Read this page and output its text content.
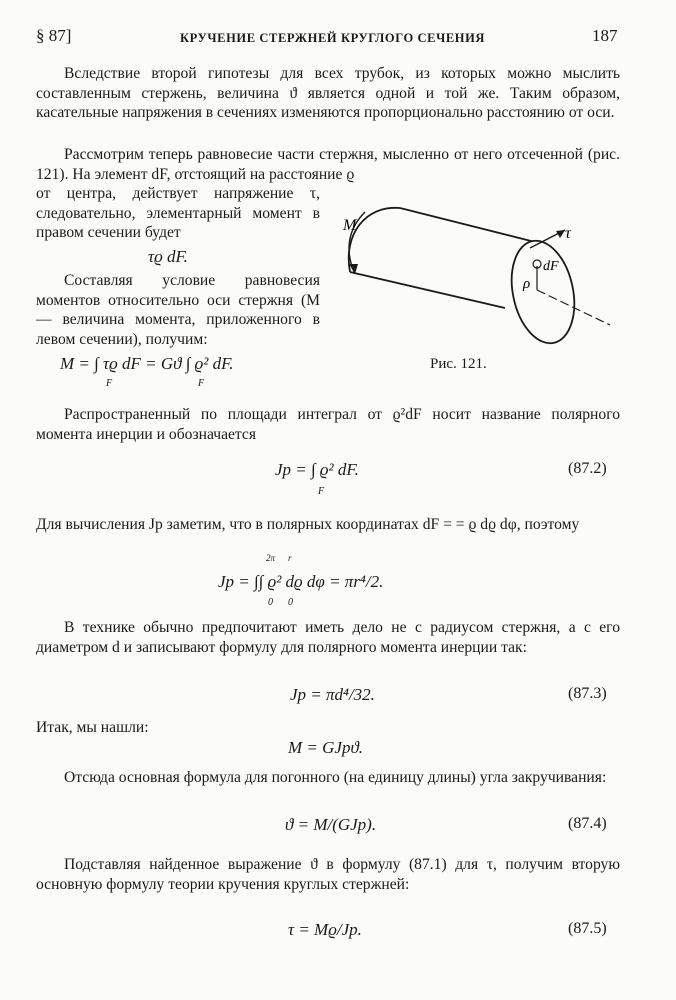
§ 87]	КРУЧЕНИЕ СТЕРЖНЕЙ КРУГЛОГО СЕЧЕНИЯ	187

Вследствие второй гипотезы для всех трубок, из которых можно мыслить составленным стержень, величина ϑ является одной и той же. Таким образом, касательные напряжения в сечениях изменяются пропорционально расстоянию от оси.

Рассмотрим теперь равновесие части стержня, мысленно от него отсеченной (рис. 121). На элемент dF, отстоящий на расстояние ϱ

от центра, действует напряжение τ, следовательно, элементарный момент в правом сечении будет

τϱ dF.

Составляя условие равновесия моментов относительно оси стержня (M — величина момента, приложенного в левом сечении), получим:

M = ∫ τϱ dF = Gϑ ∫ ϱ² dF.
F	F
M	τ
ρ
dF
Рис. 121.

Распространенный по площади интеграл от ϱ²dF носит название полярного момента инерции и обозначается

Jp = ∫ ϱ² dF.
F
(87.2)

Для вычисления Jp заметим, что в полярных координатах dF = = ϱ dϱ dφ, поэтому

2π r
Jp = ∫∫ ϱ² dϱ dφ = πr⁴/2.
0 0

В технике обычно предпочитают иметь дело не с радиусом стержня, а с его диаметром d и записывают формулу для полярного момента инерции так:

Jp = πd⁴/32.	(87.3)

Итак, мы нашли:

M = GJpϑ.

Отсюда основная формула для погонного (на единицу длины) угла закручивания:

ϑ = M/(GJp).	(87.4)

Подставляя найденное выражение ϑ в формулу (87.1) для τ, получим вторую основную формулу теории кручения круглых стержней:

τ = Mϱ/Jp.	(87.5)
